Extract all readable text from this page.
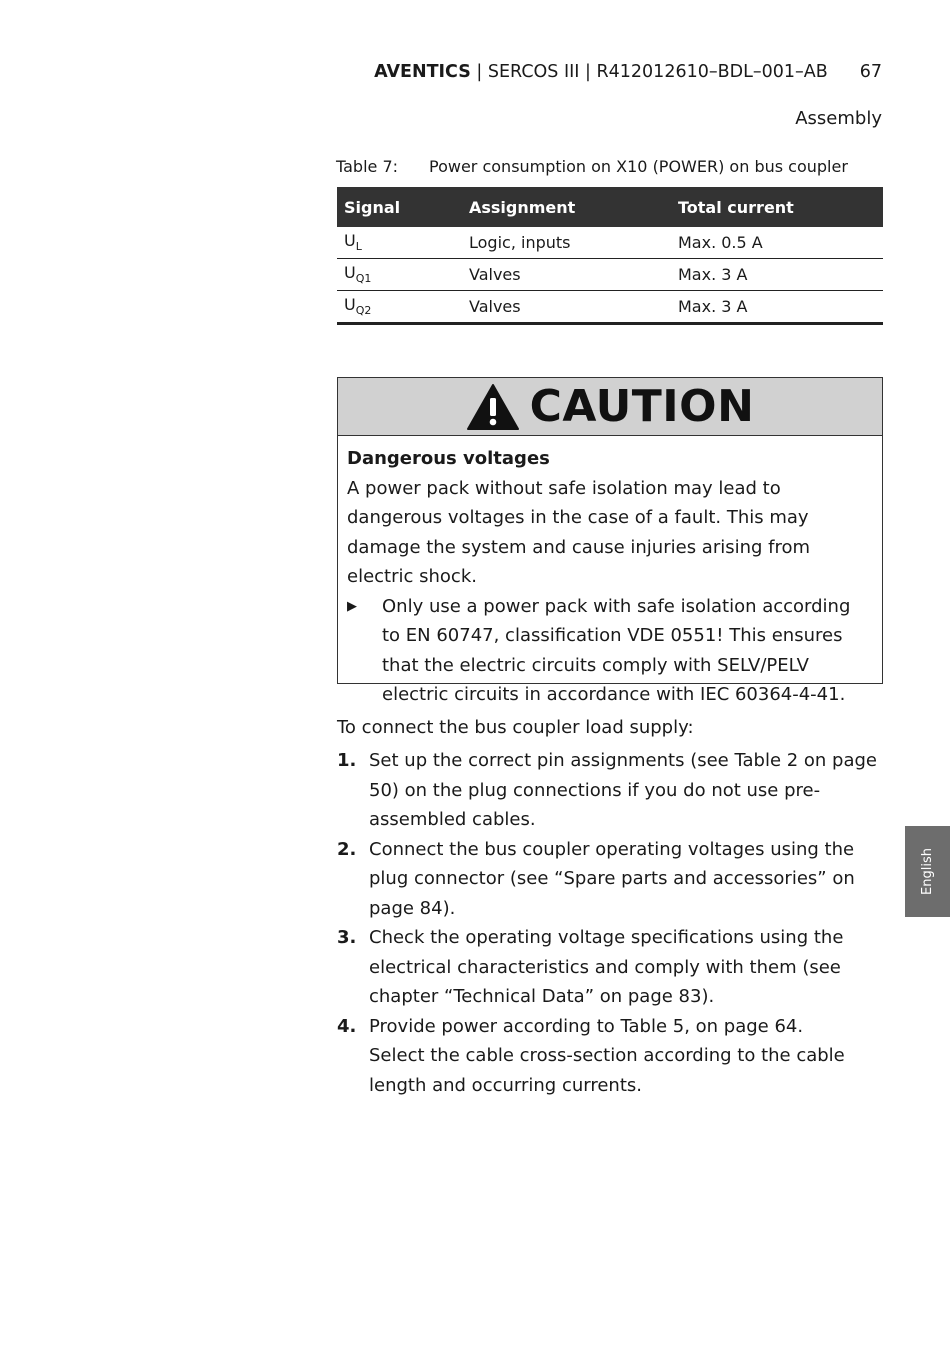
AVENTICS | SERCOS III | R412012610–BDL–001–AB 67
Assembly
Table 7: Power consumption on X10 (POWER) on bus coupler
Signal	Assignment	Total current
$U_L$	Logic, inputs	Max. 0.5 A
$U_{Q1}$	Valves	Max. 3 A
$U_{Q2}$	Valves	Max. 3 A
CAUTION
Dangerous voltages
A power pack without safe isolation may lead to dangerous voltages in the case of a fault. This may damage the system and cause injuries arising from electric shock.
▶ Only use a power pack with safe isolation according to EN 60747, classification VDE 0551! This ensures that the electric circuits comply with SELV/PELV electric circuits in accordance with IEC 60364-4-41.
To connect the bus coupler load supply:
1. Set up the correct pin assignments (see Table 2 on page 50) on the plug connections if you do not use pre-assembled cables.
2. Connect the bus coupler operating voltages using the plug connector (see “Spare parts and accessories” on page 84).
3. Check the operating voltage specifications using the electrical characteristics and comply with them (see chapter “Technical Data” on page 83).
4. Provide power according to Table 5, on page 64.
Select the cable cross-section according to the cable length and occurring currents.
English
